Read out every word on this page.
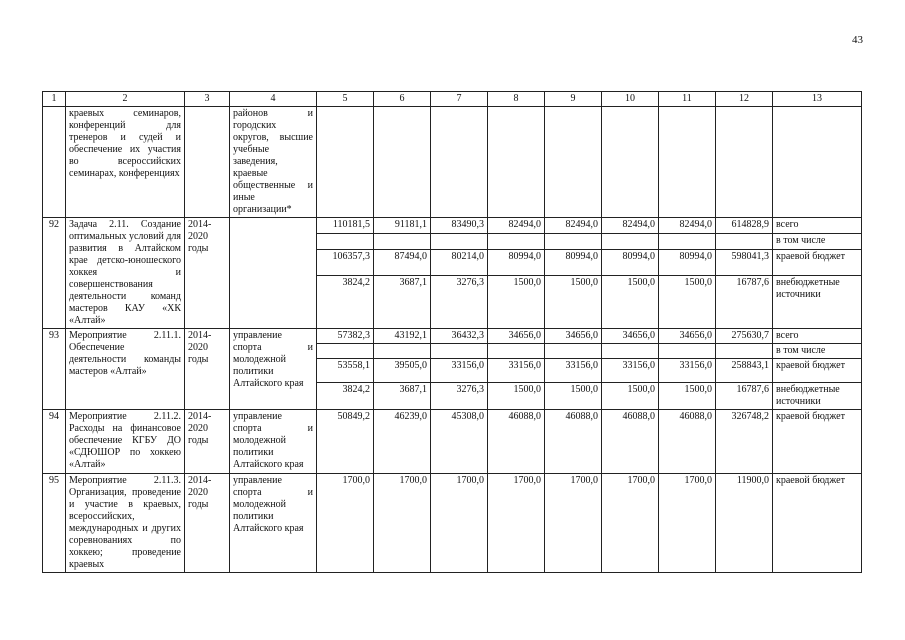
43
1	2	3	4	5	6	7	8	9	10	11	12	13
	краевых семинаров, конференций для тренеров и судей и обеспечение их участия во всероссийских семинарах, конференциях		районов и городских округов, высшие учебные заведения, краевые общественные и иные организации*									
92	Задача 2.11. Создание оптимальных условий для развития в Алтайском крае детско-юношеского хоккея и совершенствования деятельности команд мастеров КАУ «ХК «Алтай»	2014-2020 годы		110181,5	91181,1	83490,3	82494,0	82494,0	82494,0	82494,0	614828,9	всего
												в том числе
				106357,3	87494,0	80214,0	80994,0	80994,0	80994,0	80994,0	598041,3	краевой бюджет
				3824,2	3687,1	3276,3	1500,0	1500,0	1500,0	1500,0	16787,6	внебюджетные источники
93	Мероприятие 2.11.1. Обеспечение деятельности команды мастеров «Алтай»	2014-2020 годы	управление спорта и молодежной политики Алтайского края	57382,3	43192,1	36432,3	34656,0	34656,0	34656,0	34656,0	275630,7	всего
												в том числе
				53558,1	39505,0	33156,0	33156,0	33156,0	33156,0	33156,0	258843,1	краевой бюджет
				3824,2	3687,1	3276,3	1500,0	1500,0	1500,0	1500,0	16787,6	внебюджетные источники
94	Мероприятие 2.11.2. Расходы на финансовое обеспечение КГБУ ДО «СДЮШОР по хоккею «Алтай»	2014-2020 годы	управление спорта и молодежной политики Алтайского края	50849,2	46239,0	45308,0	46088,0	46088,0	46088,0	46088,0	326748,2	краевой бюджет
95	Мероприятие 2.11.3. Организация, проведение и участие в краевых, всероссийских, международных и других соревнованиях по хоккею; проведение краевых	2014-2020 годы	управление спорта и молодежной политики Алтайского края	1700,0	1700,0	1700,0	1700,0	1700,0	1700,0	1700,0	11900,0	краевой бюджет
